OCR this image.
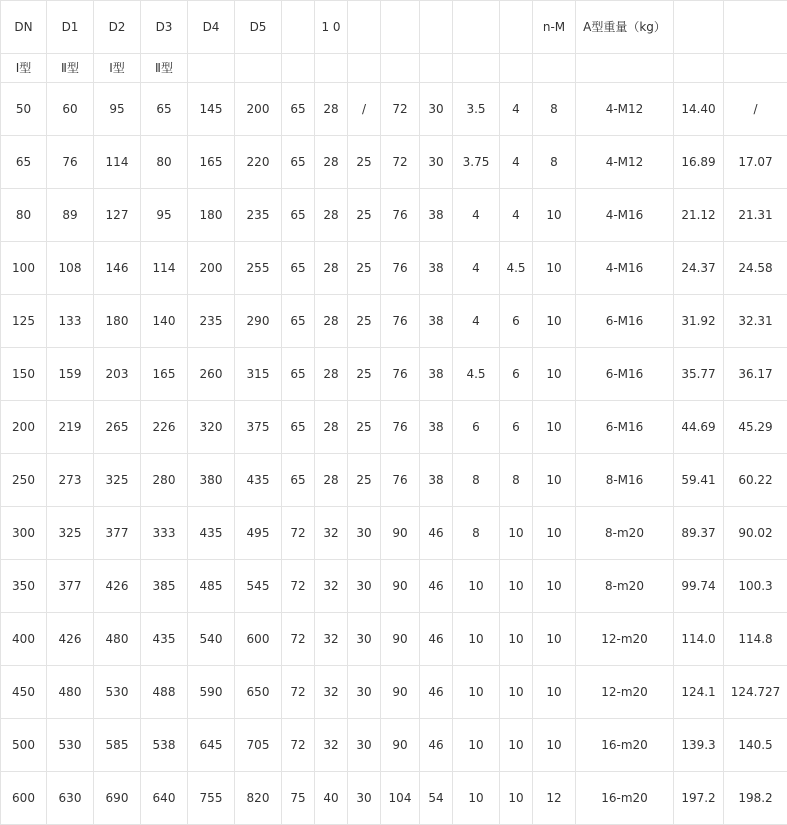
DN	D1	D2	D3	D4	D5		1 0						n-M	A型重量（kg）		
Ⅰ型	Ⅱ型	Ⅰ型	Ⅱ型													
50	60	95	65	145	200	65	28	/	72	30	3.5	4	8	4-M12	14.40	/
65	76	114	80	165	220	65	28	25	72	30	3.75	4	8	4-M12	16.89	17.07
80	89	127	95	180	235	65	28	25	76	38	4	4	10	4-M16	21.12	21.31
100	108	146	114	200	255	65	28	25	76	38	4	4.5	10	4-M16	24.37	24.58
125	133	180	140	235	290	65	28	25	76	38	4	6	10	6-M16	31.92	32.31
150	159	203	165	260	315	65	28	25	76	38	4.5	6	10	6-M16	35.77	36.17
200	219	265	226	320	375	65	28	25	76	38	6	6	10	6-M16	44.69	45.29
250	273	325	280	380	435	65	28	25	76	38	8	8	10	8-M16	59.41	60.22
300	325	377	333	435	495	72	32	30	90	46	8	10	10	8-m20	89.37	90.02
350	377	426	385	485	545	72	32	30	90	46	10	10	10	8-m20	99.74	100.3
400	426	480	435	540	600	72	32	30	90	46	10	10	10	12-m20	114.0	114.8
450	480	530	488	590	650	72	32	30	90	46	10	10	10	12-m20	124.1	124.727
500	530	585	538	645	705	72	32	30	90	46	10	10	10	16-m20	139.3	140.5
600	630	690	640	755	820	75	40	30	104	54	10	10	12	16-m20	197.2	198.2
